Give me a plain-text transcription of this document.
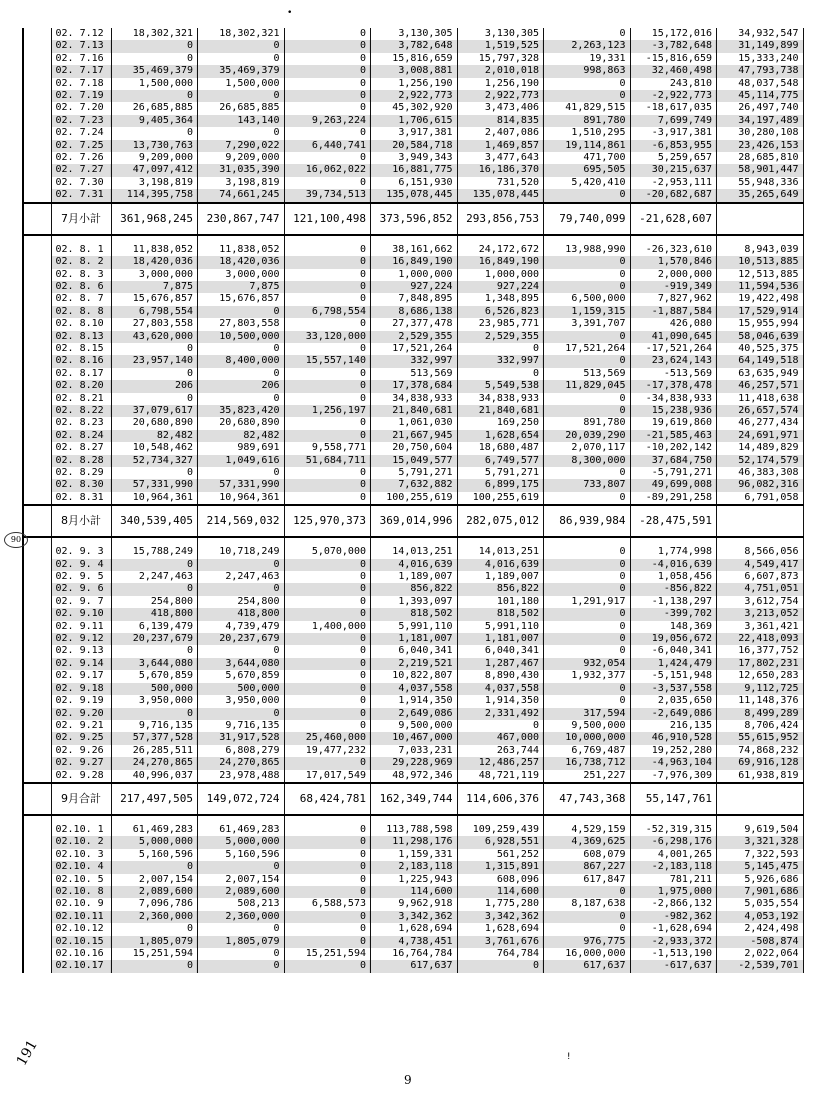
•
	02. 7.12	18,302,321	18,302,321	0	3,130,305	3,130,305	0	15,172,016	34,932,547
	02. 7.13	0	0	0	3,782,648	1,519,525	2,263,123	-3,782,648	31,149,899
	02. 7.16	0	0	0	15,816,659	15,797,328	19,331	-15,816,659	15,333,240
	02. 7.17	35,469,379	35,469,379	0	3,008,881	2,010,018	998,863	32,460,498	47,793,738
	02. 7.18	1,500,000	1,500,000	0	1,256,190	1,256,190	0	243,810	48,037,548
	02. 7.19	0	0	0	2,922,773	2,922,773	0	-2,922,773	45,114,775
	02. 7.20	26,685,885	26,685,885	0	45,302,920	3,473,406	41,829,515	-18,617,035	26,497,740
	02. 7.23	9,405,364	143,140	9,263,224	1,706,615	814,835	891,780	7,699,749	34,197,489
	02. 7.24	0	0	0	3,917,381	2,407,086	1,510,295	-3,917,381	30,280,108
	02. 7.25	13,730,763	7,290,022	6,440,741	20,584,718	1,469,857	19,114,861	-6,853,955	23,426,153
	02. 7.26	9,209,000	9,209,000	0	3,949,343	3,477,643	471,700	5,259,657	28,685,810
	02. 7.27	47,097,412	31,035,390	16,062,022	16,881,775	16,186,370	695,505	30,215,637	58,901,447
	02. 7.30	3,198,819	3,198,819	0	6,151,930	731,520	5,420,410	-2,953,111	55,948,336
	02. 7.31	114,395,758	74,661,245	39,734,513	135,078,445	135,078,445	0	-20,682,687	35,265,649
	7月小計	361,968,245	230,867,747	121,100,498	373,596,852	293,856,753	79,740,099	-21,628,607	

	02. 8. 1	11,838,052	11,838,052	0	38,161,662	24,172,672	13,988,990	-26,323,610	8,943,039
	02. 8. 2	18,420,036	18,420,036	0	16,849,190	16,849,190	0	1,570,846	10,513,885
	02. 8. 3	3,000,000	3,000,000	0	1,000,000	1,000,000	0	2,000,000	12,513,885
	02. 8. 6	7,875	7,875	0	927,224	927,224	0	-919,349	11,594,536
	02. 8. 7	15,676,857	15,676,857	0	7,848,895	1,348,895	6,500,000	7,827,962	19,422,498
	02. 8. 8	6,798,554	0	6,798,554	8,686,138	6,526,823	1,159,315	-1,887,584	17,529,914
	02. 8.10	27,803,558	27,803,558	0	27,377,478	23,985,771	3,391,707	426,080	15,955,994
	02. 8.13	43,620,000	10,500,000	33,120,000	2,529,355	2,529,355	0	41,090,645	58,046,639
	02. 8.15	0	0	0	17,521,264	0	17,521,264	-17,521,264	40,525,375
	02. 8.16	23,957,140	8,400,000	15,557,140	332,997	332,997	0	23,624,143	64,149,518
	02. 8.17	0	0	0	513,569	0	513,569	-513,569	63,635,949
	02. 8.20	206	206	0	17,378,684	5,549,538	11,829,045	-17,378,478	46,257,571
	02. 8.21	0	0	0	34,838,933	34,838,933	0	-34,838,933	11,418,638
	02. 8.22	37,079,617	35,823,420	1,256,197	21,840,681	21,840,681	0	15,238,936	26,657,574
	02. 8.23	20,680,890	20,680,890	0	1,061,030	169,250	891,780	19,619,860	46,277,434
	02. 8.24	82,482	82,482	0	21,667,945	1,628,654	20,039,290	-21,585,463	24,691,971
	02. 8.27	10,548,462	989,691	9,558,771	20,750,604	18,680,487	2,070,117	-10,202,142	14,489,829
	02. 8.28	52,734,327	1,049,616	51,684,711	15,049,577	6,749,577	8,300,000	37,684,750	52,174,579
	02. 8.29	0	0	0	5,791,271	5,791,271	0	-5,791,271	46,383,308
	02. 8.30	57,331,990	57,331,990	0	7,632,882	6,899,175	733,807	49,699,008	96,082,316
	02. 8.31	10,964,361	10,964,361	0	100,255,619	100,255,619	0	-89,291,258	6,791,058
	8月小計	340,539,405	214,569,032	125,970,373	369,014,996	282,075,012	86,939,984	-28,475,591	

	02. 9. 3	15,788,249	10,718,249	5,070,000	14,013,251	14,013,251	0	1,774,998	8,566,056
	02. 9. 4	0	0	0	4,016,639	4,016,639	0	-4,016,639	4,549,417
	02. 9. 5	2,247,463	2,247,463	0	1,189,007	1,189,007	0	1,058,456	6,607,873
	02. 9. 6	0	0	0	856,822	856,822	0	-856,822	4,751,051
	02. 9. 7	254,800	254,800	0	1,393,097	101,180	1,291,917	-1,138,297	3,612,754
	02. 9.10	418,800	418,800	0	818,502	818,502	0	-399,702	3,213,052
	02. 9.11	6,139,479	4,739,479	1,400,000	5,991,110	5,991,110	0	148,369	3,361,421
	02. 9.12	20,237,679	20,237,679	0	1,181,007	1,181,007	0	19,056,672	22,418,093
	02. 9.13	0	0	0	6,040,341	6,040,341	0	-6,040,341	16,377,752
	02. 9.14	3,644,080	3,644,080	0	2,219,521	1,287,467	932,054	1,424,479	17,802,231
	02. 9.17	5,670,859	5,670,859	0	10,822,807	8,890,430	1,932,377	-5,151,948	12,650,283
	02. 9.18	500,000	500,000	0	4,037,558	4,037,558	0	-3,537,558	9,112,725
	02. 9.19	3,950,000	3,950,000	0	1,914,350	1,914,350	0	2,035,650	11,148,376
	02. 9.20	0	0	0	2,649,086	2,331,492	317,594	-2,649,086	8,499,289
	02. 9.21	9,716,135	9,716,135	0	9,500,000	0	9,500,000	216,135	8,706,424
	02. 9.25	57,377,528	31,917,528	25,460,000	10,467,000	467,000	10,000,000	46,910,528	55,615,952
	02. 9.26	26,285,511	6,808,279	19,477,232	7,033,231	263,744	6,769,487	19,252,280	74,868,232
	02. 9.27	24,270,865	24,270,865	0	29,228,969	12,486,257	16,738,712	-4,963,104	69,916,128
	02. 9.28	40,996,037	23,978,488	17,017,549	48,972,346	48,721,119	251,227	-7,976,309	61,938,819
	9月合計	217,497,505	149,072,724	68,424,781	162,349,744	114,606,376	47,743,368	55,147,761	

	02.10. 1	61,469,283	61,469,283	0	113,788,598	109,259,439	4,529,159	-52,319,315	9,619,504
	02.10. 2	5,000,000	5,000,000	0	11,298,176	6,928,551	4,369,625	-6,298,176	3,321,328
	02.10. 3	5,160,596	5,160,596	0	1,159,331	561,252	608,079	4,001,265	7,322,593
	02.10. 4	0	0	0	2,183,118	1,315,891	867,227	-2,183,118	5,145,475
	02.10. 5	2,007,154	2,007,154	0	1,225,943	608,096	617,847	781,211	5,926,686
	02.10. 8	2,089,600	2,089,600	0	114,600	114,600	0	1,975,000	7,901,686
	02.10. 9	7,096,786	508,213	6,588,573	9,962,918	1,775,280	8,187,638	-2,866,132	5,035,554
	02.10.11	2,360,000	2,360,000	0	3,342,362	3,342,362	0	-982,362	4,053,192
	02.10.12	0	0	0	1,628,694	1,628,694	0	-1,628,694	2,424,498
	02.10.15	1,805,079	1,805,079	0	4,738,451	3,761,676	976,775	-2,933,372	-508,874
	02.10.16	15,251,594	0	15,251,594	16,764,784	764,784	16,000,000	-1,513,190	2,022,064
	02.10.17	0	0	0	617,637	0	617,637	-617,637	-2,539,701
90
191	!
9
